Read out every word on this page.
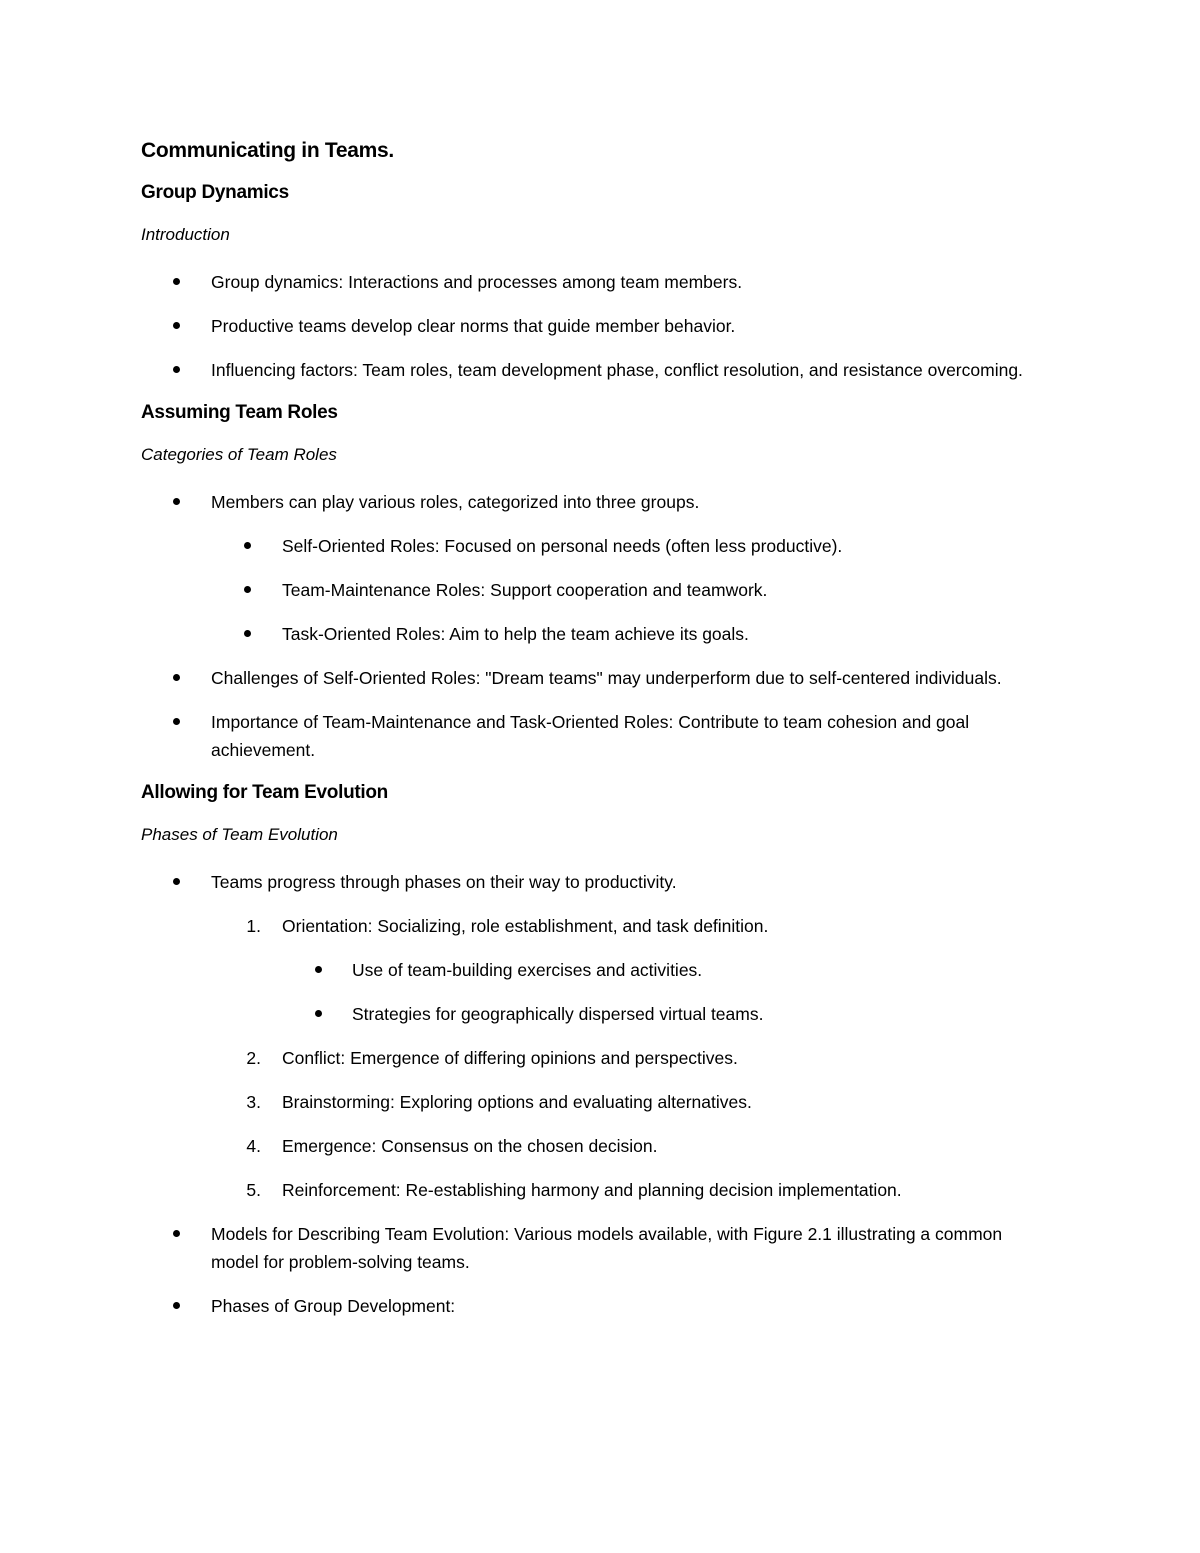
Communicating in Teams.
Group Dynamics
Introduction
Group dynamics: Interactions and processes among team members.
Productive teams develop clear norms that guide member behavior.
Influencing factors: Team roles, team development phase, conflict resolution, and resistance overcoming.
Assuming Team Roles
Categories of Team Roles
Members can play various roles, categorized into three groups.
Self-Oriented Roles: Focused on personal needs (often less productive).
Team-Maintenance Roles: Support cooperation and teamwork.
Task-Oriented Roles: Aim to help the team achieve its goals.
Challenges of Self-Oriented Roles: "Dream teams" may underperform due to self-centered individuals.
Importance of Team-Maintenance and Task-Oriented Roles: Contribute to team cohesion and goal achievement.
Allowing for Team Evolution
Phases of Team Evolution
Teams progress through phases on their way to productivity.
1. Orientation: Socializing, role establishment, and task definition.
Use of team-building exercises and activities.
Strategies for geographically dispersed virtual teams.
2. Conflict: Emergence of differing opinions and perspectives.
3. Brainstorming: Exploring options and evaluating alternatives.
4. Emergence: Consensus on the chosen decision.
5. Reinforcement: Re-establishing harmony and planning decision implementation.
Models for Describing Team Evolution: Various models available, with Figure 2.1 illustrating a common model for problem-solving teams.
Phases of Group Development:
